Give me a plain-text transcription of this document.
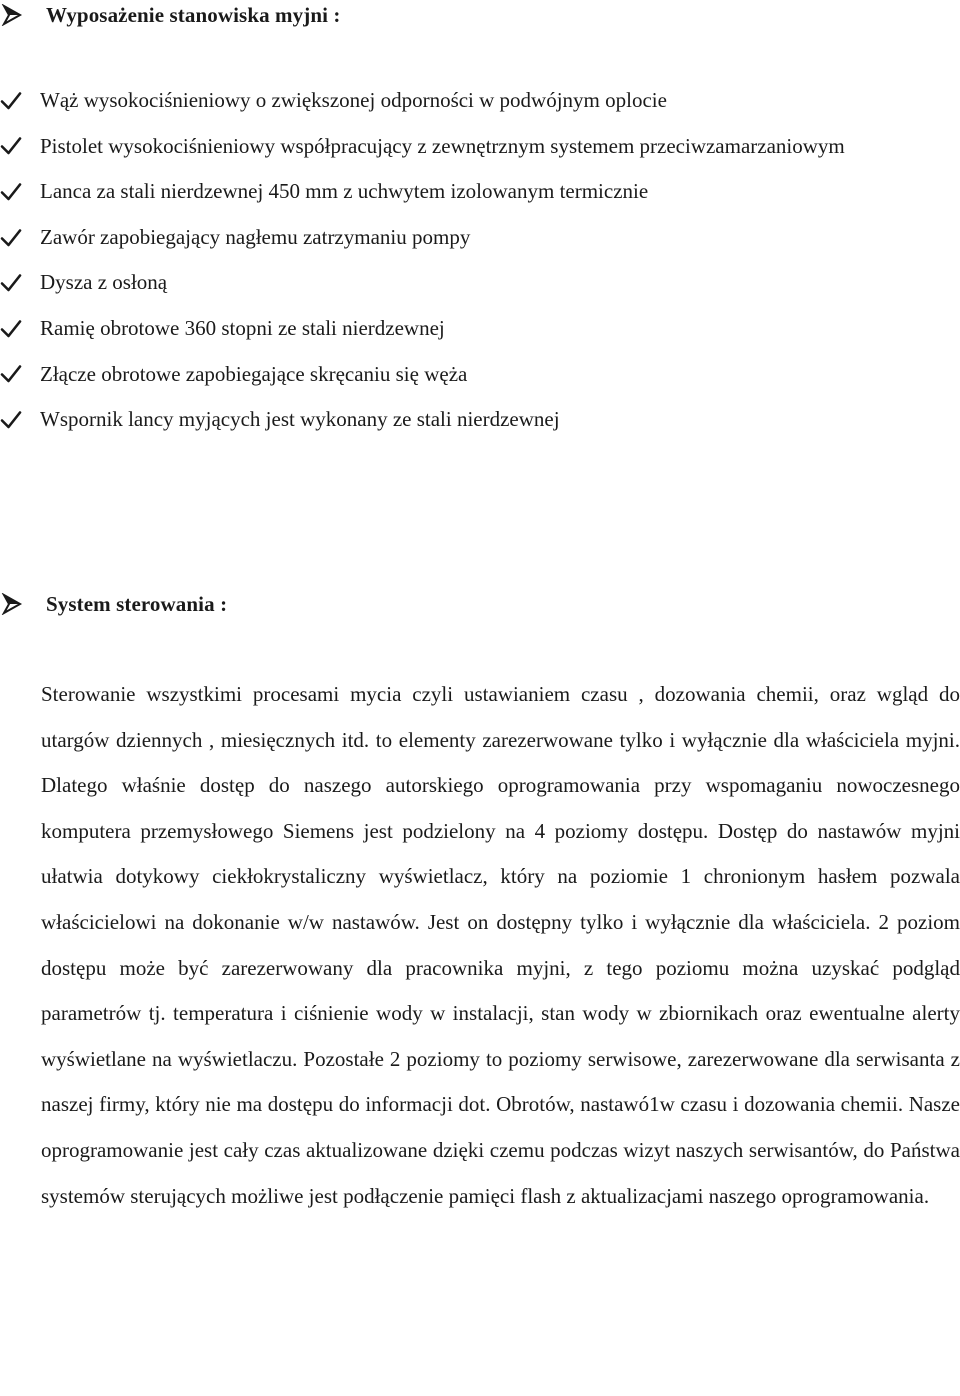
Wyposażenie stanowiska myjni :
Wąż wysokociśnieniowy o zwiększonej odporności w podwójnym oplocie
Pistolet wysokociśnieniowy współpracujący z zewnętrznym systemem przeciwzamarzaniowym
Lanca za stali nierdzewnej 450 mm z uchwytem izolowanym termicznie
Zawór zapobiegający nagłemu zatrzymaniu pompy
Dysza z osłoną
Ramię obrotowe 360 stopni ze stali nierdzewnej
Złącze obrotowe zapobiegające skręcaniu się węża
Wspornik lancy myjących jest wykonany ze stali nierdzewnej
System sterowania :

Sterowanie wszystkimi procesami mycia czyli ustawianiem czasu , dozowania chemii, oraz wgląd do utargów dziennych , miesięcznych itd. to elementy zarezerwowane tylko i wyłącznie dla właściciela myjni. Dlatego właśnie dostęp do naszego autorskiego oprogramowania przy wspomaganiu nowoczesnego komputera przemysłowego Siemens jest podzielony na 4 poziomy dostępu. Dostęp do nastawów myjni ułatwia dotykowy ciekłokrystaliczny wyświetlacz, który na poziomie 1 chronionym hasłem pozwala właścicielowi na dokonanie w/w nastawów. Jest on dostępny tylko i wyłącznie dla właściciela. 2 poziom dostępu może być zarezerwowany dla pracownika myjni, z tego poziomu można uzyskać podgląd parametrów tj. temperatura i ciśnienie wody w instalacji, stan wody w zbiornikach oraz ewentualne alerty wyświetlane na wyświetlaczu. Pozostałe 2 poziomy to poziomy serwisowe, zarezerwowane dla serwisanta z naszej firmy, który nie ma dostępu do informacji dot. Obrotów, nastawó1w czasu i dozowania chemii. Nasze oprogramowanie jest cały czas aktualizowane dzięki czemu podczas wizyt naszych serwisantów, do Państwa systemów sterujących możliwe jest podłączenie pamięci flash z aktualizacjami naszego oprogramowania.
